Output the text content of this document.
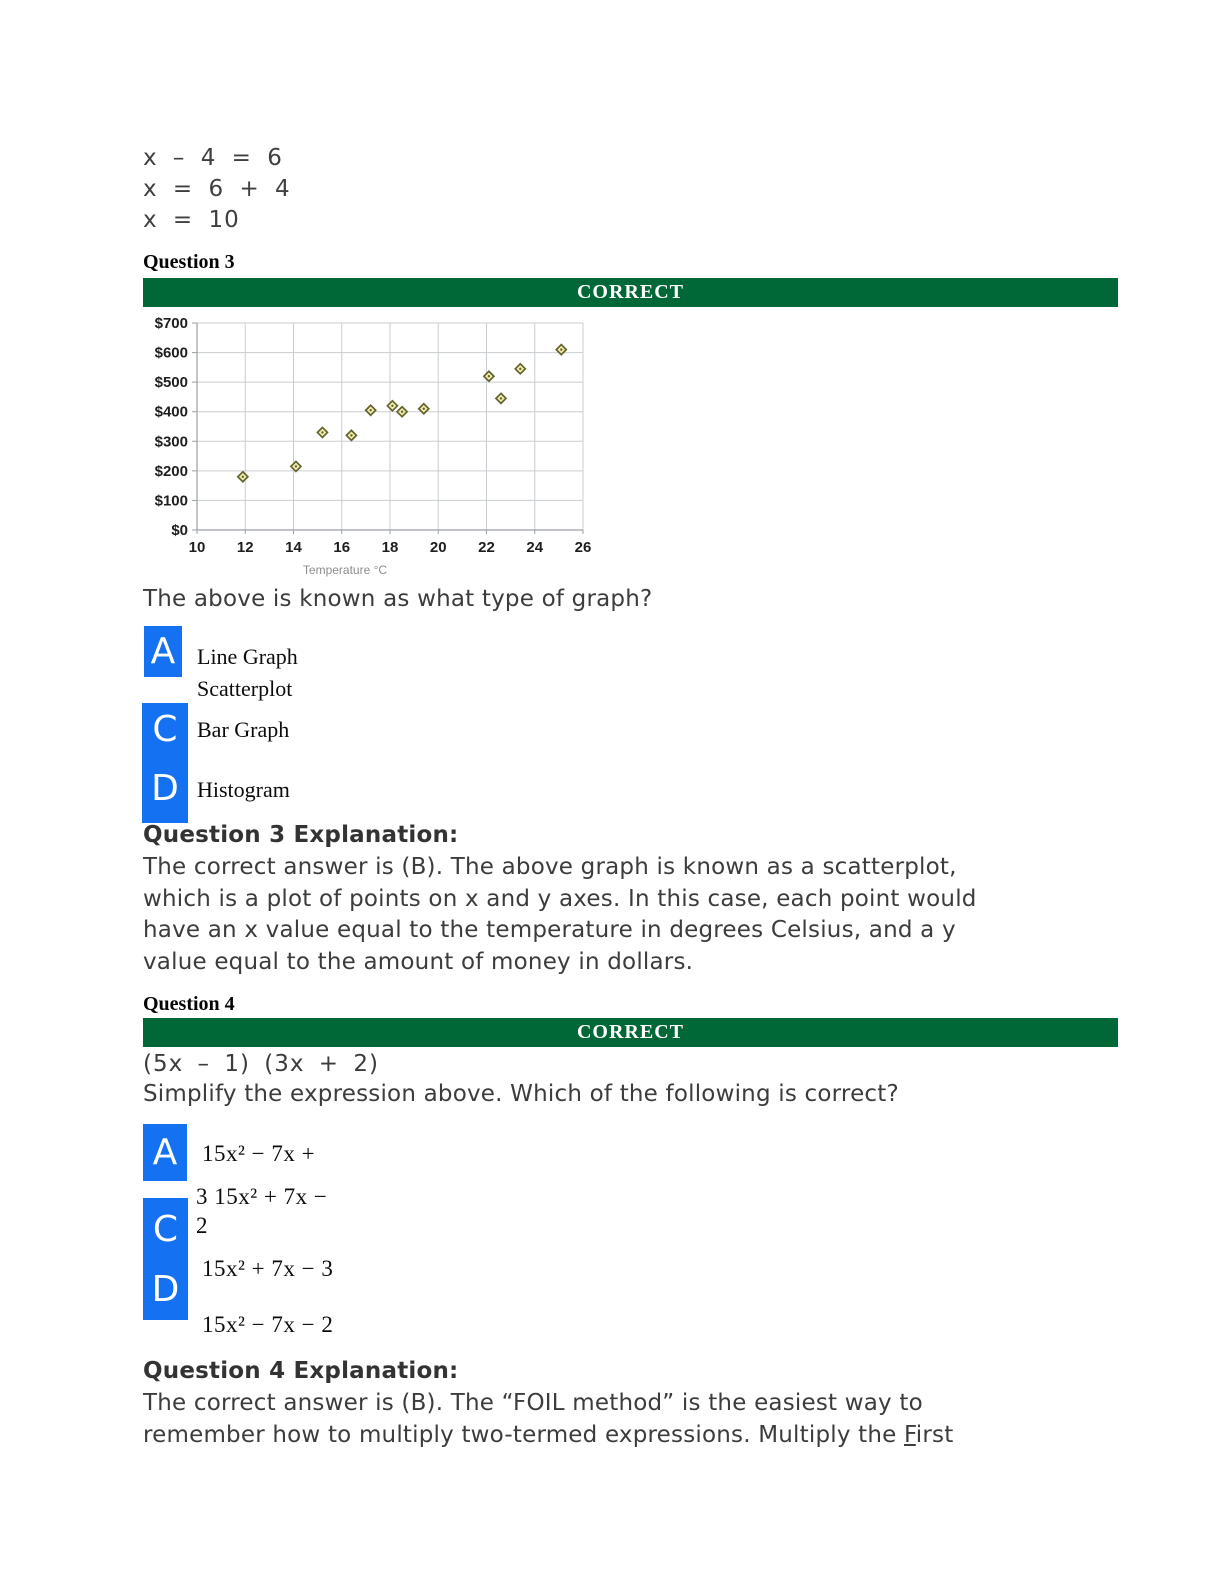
x – 4 = 6
x = 6 + 4
x = 10
Question 3
CORRECT
$0
$100
$200
$300
$400
$500
$600
$700
10 12 14 16 18 20 22 24 26
Temperature °C
The above is known as what type of graph?
A Line Graph
Scatterplot
C
D
Bar Graph
Histogram
Question 3 Explanation:
The correct answer is (B). The above graph is known as a scatterplot,
which is a plot of points on x and y axes. In this case, each point would
have an x value equal to the temperature in degrees Celsius, and a y
value equal to the amount of money in dollars.
Question 4
CORRECT
(5x – 1) (3x + 2)
Simplify the expression above. Which of the following is correct?
A 15x² − 7x +
3 15x² + 7x −
C
D
2
15x² + 7x − 3
15x² − 7x − 2
Question 4 Explanation:
The correct answer is (B). The “FOIL method” is the easiest way to
remember how to multiply two-termed expressions. Multiply the First
